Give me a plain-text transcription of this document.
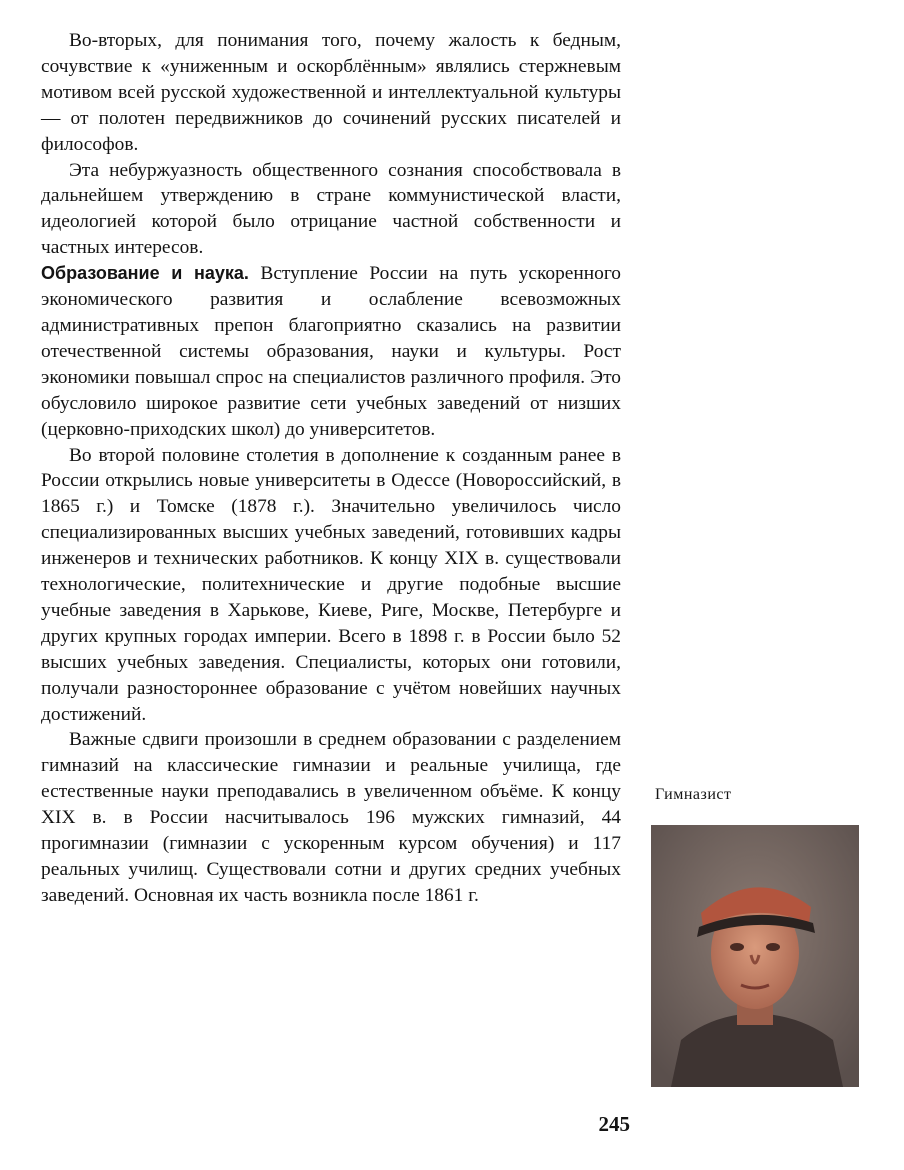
Во-вторых, для понимания того, почему жалость к бедным, сочувствие к «униженным и оскорблённым» являлись стержневым мотивом всей русской художественной и интеллектуальной культуры — от полотен передвижников до сочинений русских писателей и философов.

Эта небуржуазность общественного сознания способствовала в дальнейшем утверждению в стране коммунистической власти, идеологией которой было отрицание частной собственности и частных интересов.

Образование и наука. Вступление России на путь ускоренного экономического развития и ослабление всевозможных административных препон благоприятно сказались на развитии отечественной системы образования, науки и культуры. Рост экономики повышал спрос на специалистов различного профиля. Это обусловило широкое развитие сети учебных заведений от низших (церковно-приходских школ) до университетов.

Во второй половине столетия в дополнение к созданным ранее в России открылись новые университеты в Одессе (Новороссийский, в 1865 г.) и Томске (1878 г.). Значительно увеличилось число специализированных высших учебных заведений, готовивших кадры инженеров и технических работников. К концу XIX в. существовали технологические, политехнические и другие подобные высшие учебные заведения в Харькове, Киеве, Риге, Москве, Петербурге и других крупных городах империи. Всего в 1898 г. в России было 52 высших учебных заведения. Специалисты, которых они готовили, получали разностороннее образование с учётом новейших научных достижений.

Важные сдвиги произошли в среднем образовании с разделением гимназий на классические гимназии и реальные училища, где естественные науки преподавались в увеличенном объёме. К концу XIX в. в России насчитывалось 196 мужских гимназий, 44 прогимназии (гимназии с ускоренным курсом обучения) и 117 реальных училищ. Существовали сотни и других средних учебных заведений. Основная их часть возникла после 1861 г.

Гимназист
245
